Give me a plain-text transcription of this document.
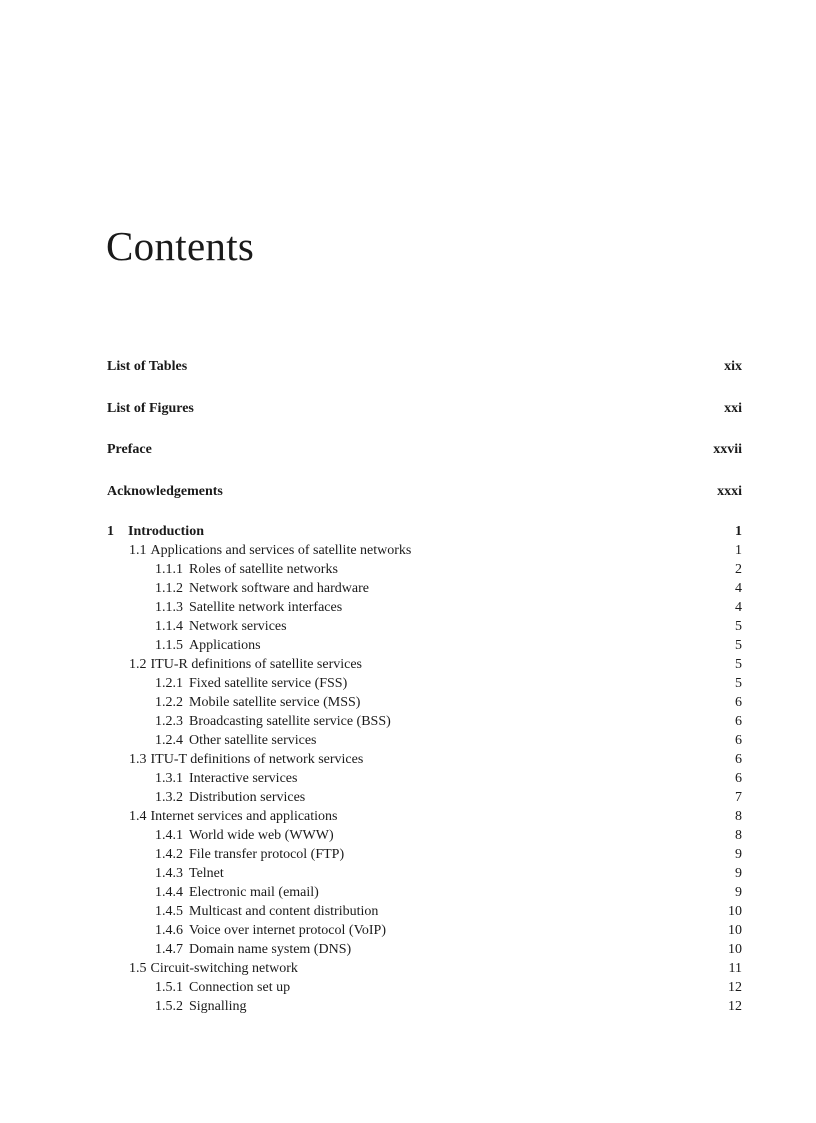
Contents
List of Tables	xix
List of Figures	xxi
Preface	xxvii
Acknowledgements	xxxi
1 Introduction	1
1.1 Applications and services of satellite networks	1
1.1.1 Roles of satellite networks	2
1.1.2 Network software and hardware	4
1.1.3 Satellite network interfaces	4
1.1.4 Network services	5
1.1.5 Applications	5
1.2 ITU-R definitions of satellite services	5
1.2.1 Fixed satellite service (FSS)	5
1.2.2 Mobile satellite service (MSS)	6
1.2.3 Broadcasting satellite service (BSS)	6
1.2.4 Other satellite services	6
1.3 ITU-T definitions of network services	6
1.3.1 Interactive services	6
1.3.2 Distribution services	7
1.4 Internet services and applications	8
1.4.1 World wide web (WWW)	8
1.4.2 File transfer protocol (FTP)	9
1.4.3 Telnet	9
1.4.4 Electronic mail (email)	9
1.4.5 Multicast and content distribution	10
1.4.6 Voice over internet protocol (VoIP)	10
1.4.7 Domain name system (DNS)	10
1.5 Circuit-switching network	11
1.5.1 Connection set up	12
1.5.2 Signalling	12
